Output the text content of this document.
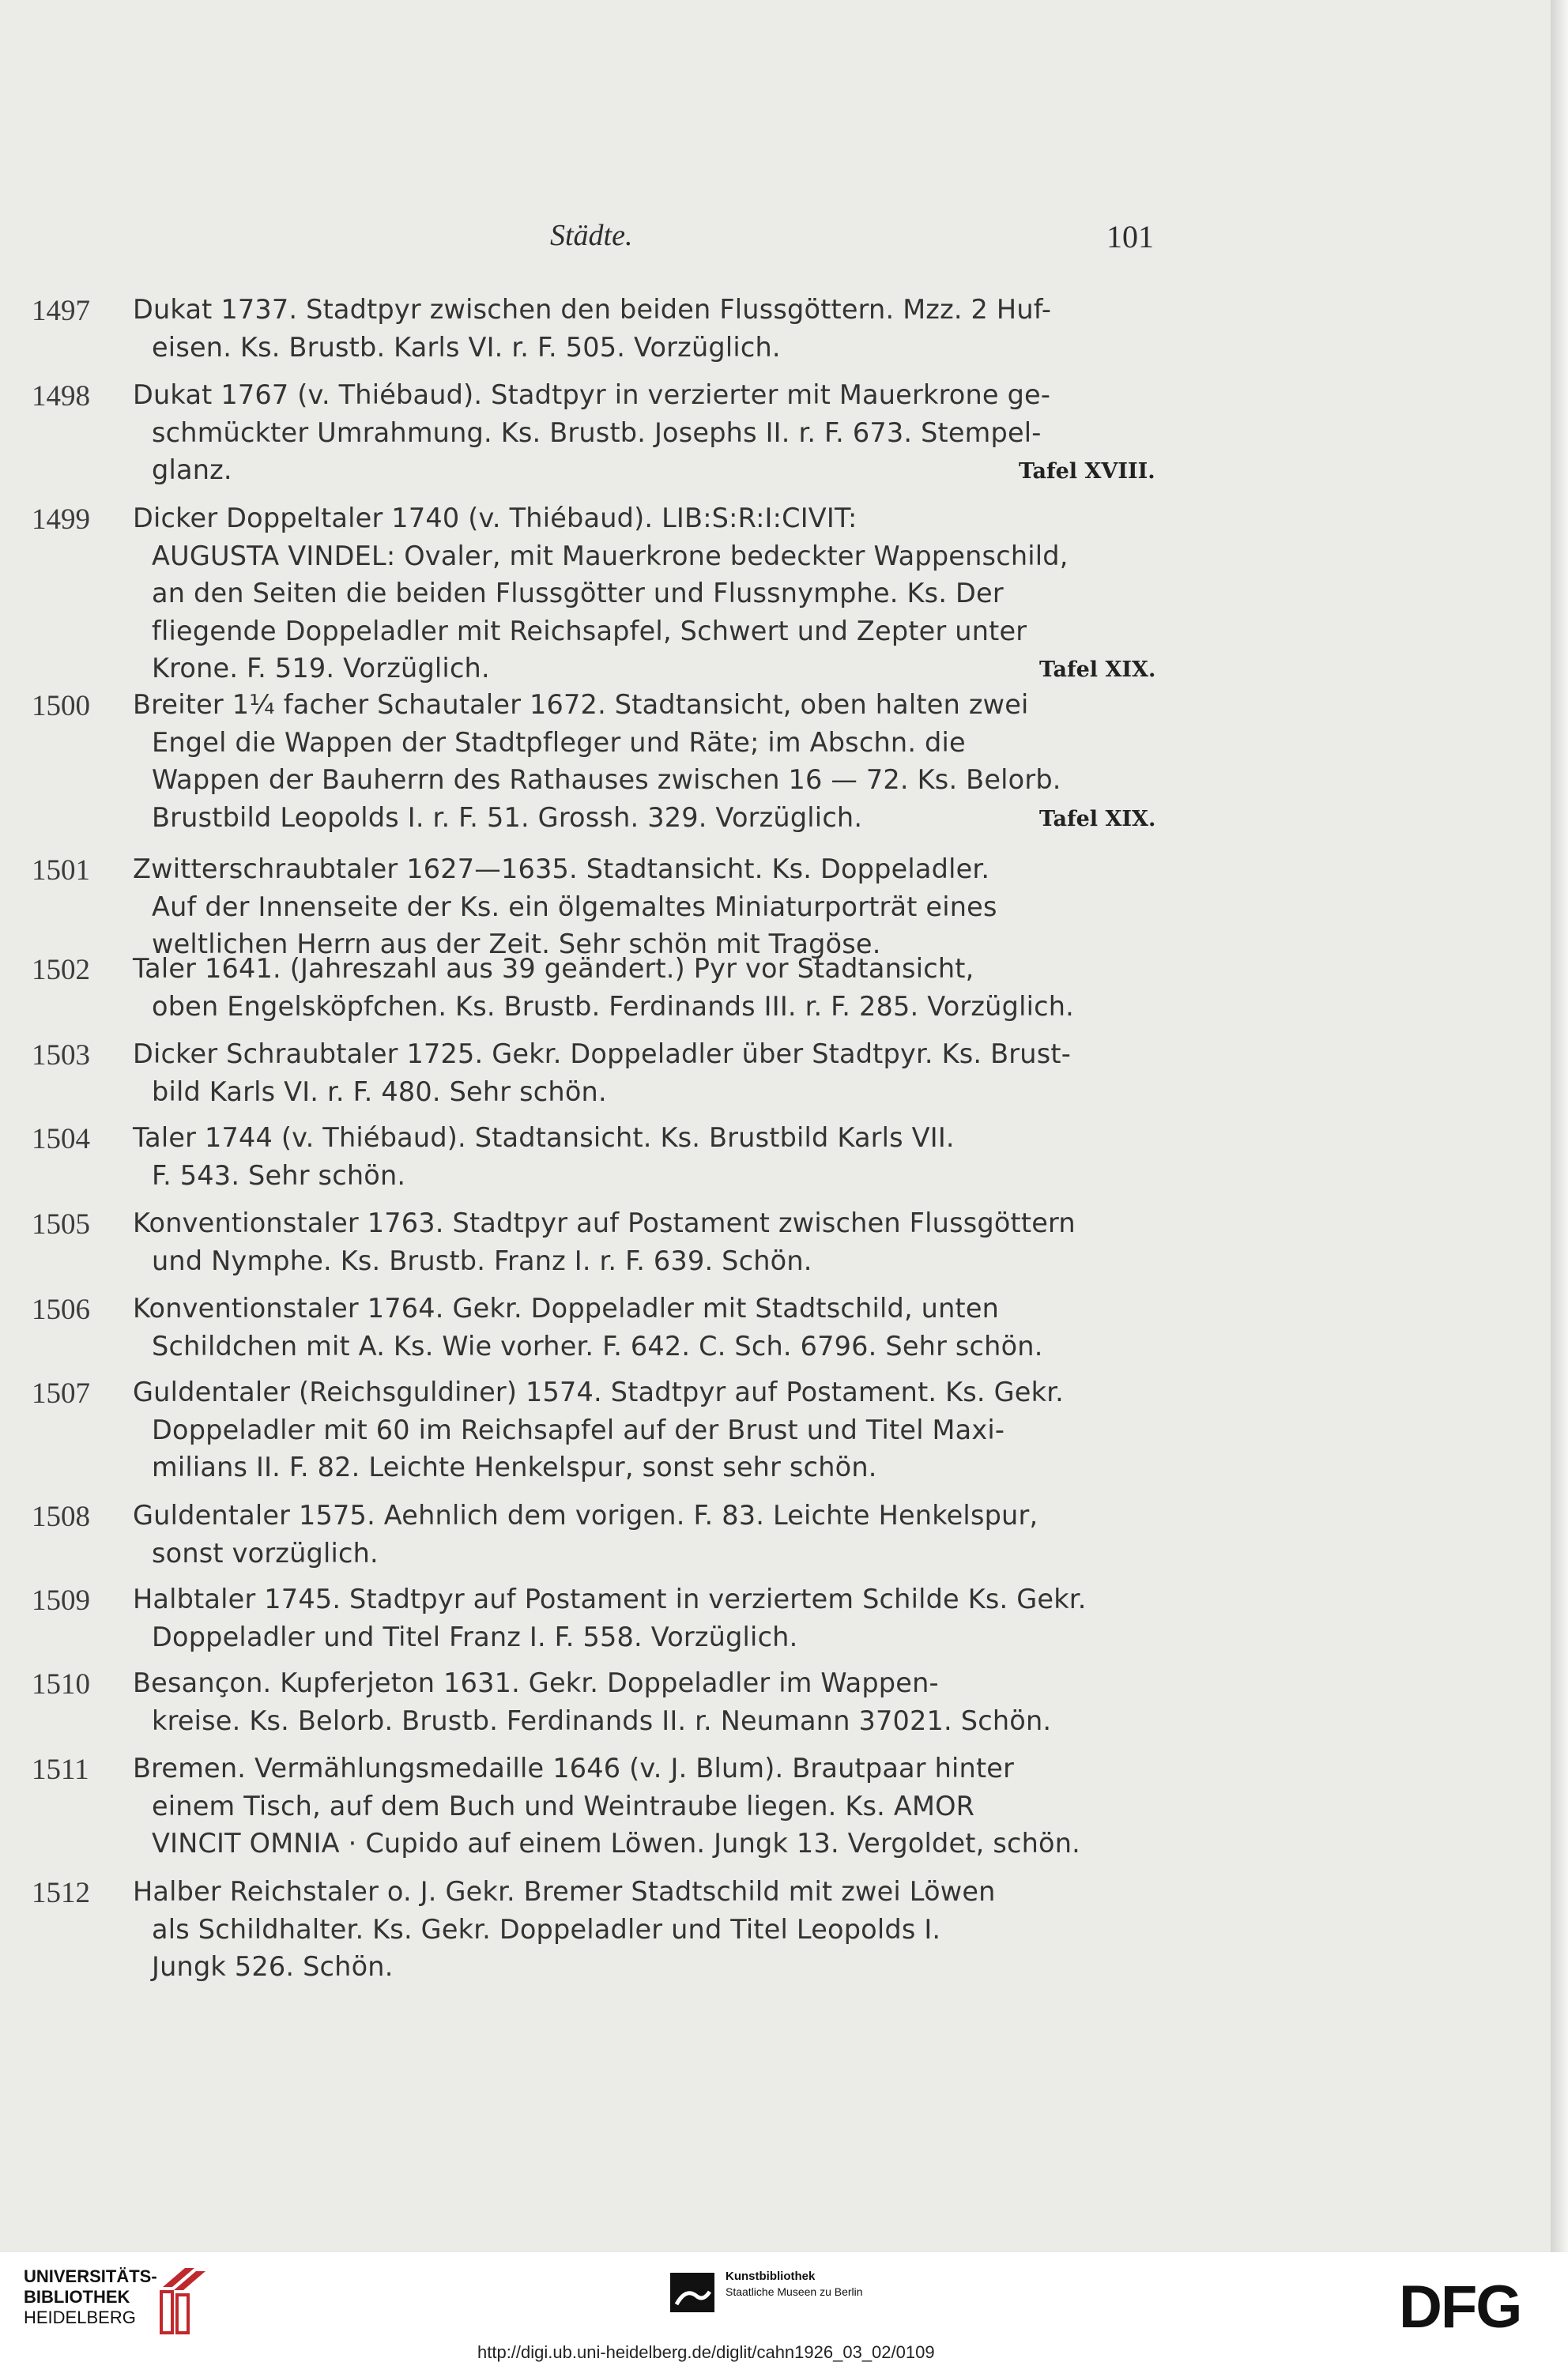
Städte.	101
1497 Dukat 1737. Stadtpyr zwischen den beiden Flussgöttern. Mzz. 2 Huf-
eisen. Ks. Brustb. Karls VI. r. F. 505. Vorzüglich.
1498 Dukat 1767 (v. Thiébaud). Stadtpyr in verzierter mit Mauerkrone ge-
schmückter Umrahmung. Ks. Brustb. Josephs II. r. F. 673. Stempel-
glanz.	Tafel XVIII.
1499 Dicker Doppeltaler 1740 (v. Thiébaud). LIB:S:R:I:CIVIT:
AUGUSTA VINDEL: Ovaler, mit Mauerkrone bedeckter Wappenschild,
an den Seiten die beiden Flussgötter und Flussnymphe. Ks. Der
fliegende Doppeladler mit Reichsapfel, Schwert und Zepter unter
Krone. F. 519. Vorzüglich.	Tafel XIX.
1500 Breiter 1¼ facher Schautaler 1672. Stadtansicht, oben halten zwei
Engel die Wappen der Stadtpfleger und Räte; im Abschn. die
Wappen der Bauherrn des Rathauses zwischen 16 — 72. Ks. Belorb.
Brustbild Leopolds I. r. F. 51. Grossh. 329. Vorzüglich.	Tafel XIX.
1501 Zwitterschraubtaler 1627—1635. Stadtansicht. Ks. Doppeladler.
Auf der Innenseite der Ks. ein ölgemaltes Miniaturporträt eines
weltlichen Herrn aus der Zeit. Sehr schön mit Tragöse.
1502 Taler 1641. (Jahreszahl aus 39 geändert.) Pyr vor Stadtansicht,
oben Engelsköpfchen. Ks. Brustb. Ferdinands III. r. F. 285. Vorzüglich.
1503 Dicker Schraubtaler 1725. Gekr. Doppeladler über Stadtpyr. Ks. Brust-
bild Karls VI. r. F. 480. Sehr schön.
1504 Taler 1744 (v. Thiébaud). Stadtansicht. Ks. Brustbild Karls VII.
F. 543. Sehr schön.
1505 Konventionstaler 1763. Stadtpyr auf Postament zwischen Flussgöttern
und Nymphe. Ks. Brustb. Franz I. r. F. 639. Schön.
1506 Konventionstaler 1764. Gekr. Doppeladler mit Stadtschild, unten
Schildchen mit A. Ks. Wie vorher. F. 642. C. Sch. 6796. Sehr schön.
1507 Guldentaler (Reichsguldiner) 1574. Stadtpyr auf Postament. Ks. Gekr.
Doppeladler mit 60 im Reichsapfel auf der Brust und Titel Maxi-
milians II. F. 82. Leichte Henkelspur, sonst sehr schön.
1508 Guldentaler 1575. Aehnlich dem vorigen. F. 83. Leichte Henkelspur,
sonst vorzüglich.
1509 Halbtaler 1745. Stadtpyr auf Postament in verziertem Schilde Ks. Gekr.
Doppeladler und Titel Franz I. F. 558. Vorzüglich.
1510 Besançon. Kupferjeton 1631. Gekr. Doppeladler im Wappen-
kreise. Ks. Belorb. Brustb. Ferdinands II. r. Neumann 37021. Schön.
1511 Bremen. Vermählungsmedaille 1646 (v. J. Blum). Brautpaar hinter
einem Tisch, auf dem Buch und Weintraube liegen. Ks. AMOR
VINCIT OMNIA · Cupido auf einem Löwen. Jungk 13. Vergoldet, schön.
1512 Halber Reichstaler o. J. Gekr. Bremer Stadtschild mit zwei Löwen
als Schildhalter. Ks. Gekr. Doppeladler und Titel Leopolds I.
Jungk 526. Schön.
UNIVERSITÄTS-
BIBLIOTHEK
HEIDELBERG
Kunstbibliothek
Staatliche Museen zu Berlin	DFG
http://digi.ub.uni-heidelberg.de/diglit/cahn1926_03_02/0109
